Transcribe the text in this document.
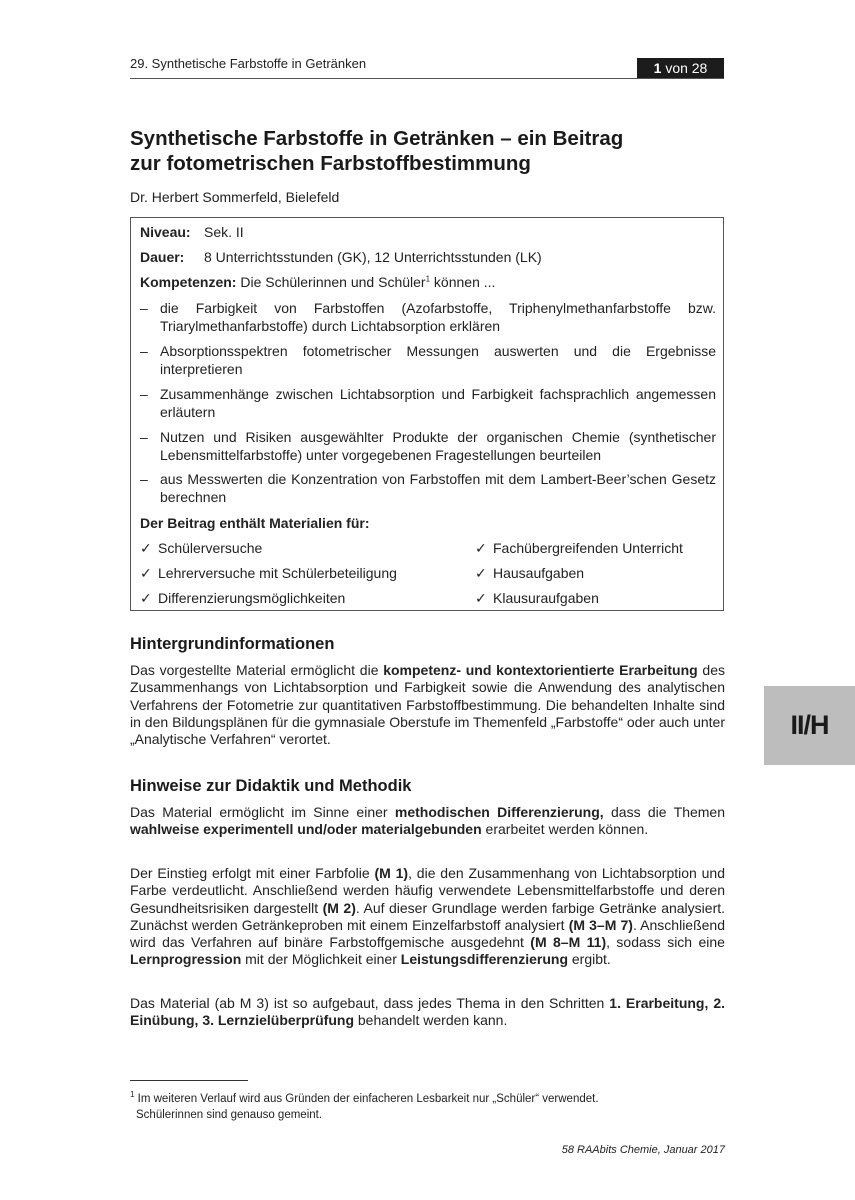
29. Synthetische Farbstoffe in Getränken	1 von 28
Synthetische Farbstoffe in Getränken – ein Beitrag
zur fotometrischen Farbstoffbestimmung
Dr. Herbert Sommerfeld, Bielefeld
Niveau: Sek. II
Dauer: 8 Unterrichtsstunden (GK), 12 Unterrichtsstunden (LK)
Kompetenzen: Die Schülerinnen und Schüler$^1$ können ...
– die Farbigkeit von Farbstoffen (Azofarbstoffe, Triphenylmethanfarbstoffe bzw. Triarylmethanfarbstoffe) durch Lichtabsorption erklären
– Absorptionsspektren fotometrischer Messungen auswerten und die Ergebnisse interpretieren
– Zusammenhänge zwischen Lichtabsorption und Farbigkeit fachsprachlich angemessen erläutern
– Nutzen und Risiken ausgewählter Produkte der organischen Chemie (synthetischer Lebensmittelfarbstoffe) unter vorgegebenen Fragestellungen beurteilen
– aus Messwerten die Konzentration von Farbstoffen mit dem Lambert-Beer’schen Gesetz berechnen
Der Beitrag enthält Materialien für:
✓ Schülerversuche
✓ Lehrerversuche mit Schülerbeteiligung
✓ Differenzierungsmöglichkeiten
✓ Fachübergreifenden Unterricht
✓ Hausaufgaben
✓ Klausuraufgaben
Hintergrundinformationen
Das vorgestellte Material ermöglicht die kompetenz- und kontextorientierte Erarbeitung des Zusammenhangs von Lichtabsorption und Farbigkeit sowie die Anwendung des analytischen Verfahrens der Fotometrie zur quantitativen Farbstoffbestimmung. Die behandelten Inhalte sind in den Bildungsplänen für die gymnasiale Oberstufe im Themenfeld „Farbstoffe“ oder auch unter „Analytische Verfahren“ verortet.
Hinweise zur Didaktik und Methodik
Das Material ermöglicht im Sinne einer methodischen Differenzierung, dass die Themen wahlweise experimentell und/oder materialgebunden erarbeitet werden können.
Der Einstieg erfolgt mit einer Farbfolie (M 1), die den Zusammenhang von Lichtabsorption und Farbe verdeutlicht. Anschließend werden häufig verwendete Lebensmittelfarbstoffe und deren Gesundheitsrisiken dargestellt (M 2). Auf dieser Grundlage werden farbige Getränke analysiert. Zunächst werden Getränkeproben mit einem Einzelfarbstoff analysiert (M 3–M 7). Anschließend wird das Verfahren auf binäre Farbstoffgemische ausgedehnt (M 8–M 11), sodass sich eine Lernprogression mit der Möglichkeit einer Leistungsdifferenzierung ergibt.
Das Material (ab M 3) ist so aufgebaut, dass jedes Thema in den Schritten 1. Erarbeitung, 2. Einübung, 3. Lernzielüberprüfung behandelt werden kann.
II/H
$^1$ Im weiteren Verlauf wird aus Gründen der einfacheren Lesbarkeit nur „Schüler“ verwendet.
Schülerinnen sind genauso gemeint.
58 RAAbits Chemie, Januar 2017
